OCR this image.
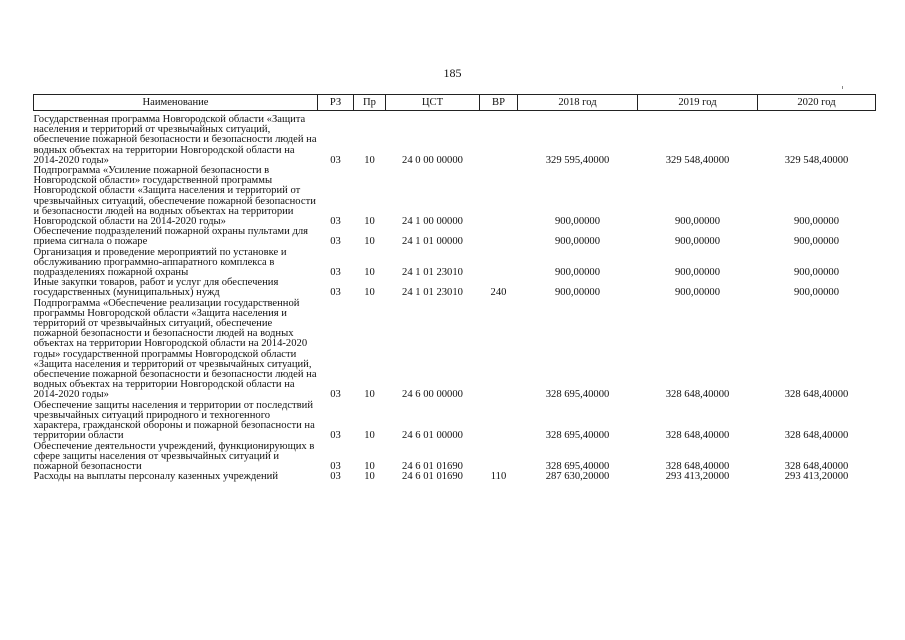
185
Наименование	РЗ	Пр	ЦСТ	ВР	2018 год	2019 год	2020 год
Государственная программа Новгородской области «Защита населения и территорий от чрезвычайных ситуаций, обеспечение пожарной безопасности и безопасности людей на водных объектах на территории Новгородской области на 2014-2020 годы»	03	10	24 0 00 00000		329 595,40000	329 548,40000	329 548,40000
Подпрограмма «Усиление пожарной безопасности в Новгородской области» государственной программы Новгородской области «Защита населения и территорий от чрезвычайных ситуаций, обеспечение пожарной безопасности и безопасности людей на водных объектах на территории Новгородской области на 2014-2020 годы»	03	10	24 1 00 00000		900,00000	900,00000	900,00000
Обеспечение подразделений пожарной охраны пультами для приема сигнала о пожаре	03	10	24 1 01 00000		900,00000	900,00000	900,00000
Организация и проведение мероприятий по установке и обслуживанию программно-аппаратного комплекса в подразделениях пожарной охраны	03	10	24 1 01 23010		900,00000	900,00000	900,00000
Иные закупки товаров, работ и услуг для обеспечения государственных (муниципальных) нужд	03	10	24 1 01 23010	240	900,00000	900,00000	900,00000
Подпрограмма «Обеспечение реализации государственной программы Новгородской области «Защита населения и территорий от чрезвычайных ситуаций, обеспечение пожарной безопасности и безопасности людей на водных объектах на территории Новгородской области на 2014-2020 годы» государственной программы Новгородской области «Защита населения и территорий от чрезвычайных ситуаций, обеспечение пожарной безопасности и безопасности людей на водных объектах на территории Новгородской области на 2014-2020 годы»	03	10	24 6 00 00000		328 695,40000	328 648,40000	328 648,40000
Обеспечение защиты населения и территории от последствий чрезвычайных ситуаций природного и техногенного характера, гражданской обороны и пожарной безопасности на территории области	03	10	24 6 01 00000		328 695,40000	328 648,40000	328 648,40000
Обеспечение деятельности учреждений, функционирующих в сфере защиты населения от чрезвычайных ситуаций и пожарной безопасности	03	10	24 6 01 01690		328 695,40000	328 648,40000	328 648,40000
Расходы на выплаты персоналу казенных учреждений	03	10	24 6 01 01690	110	287 630,20000	293 413,20000	293 413,20000
